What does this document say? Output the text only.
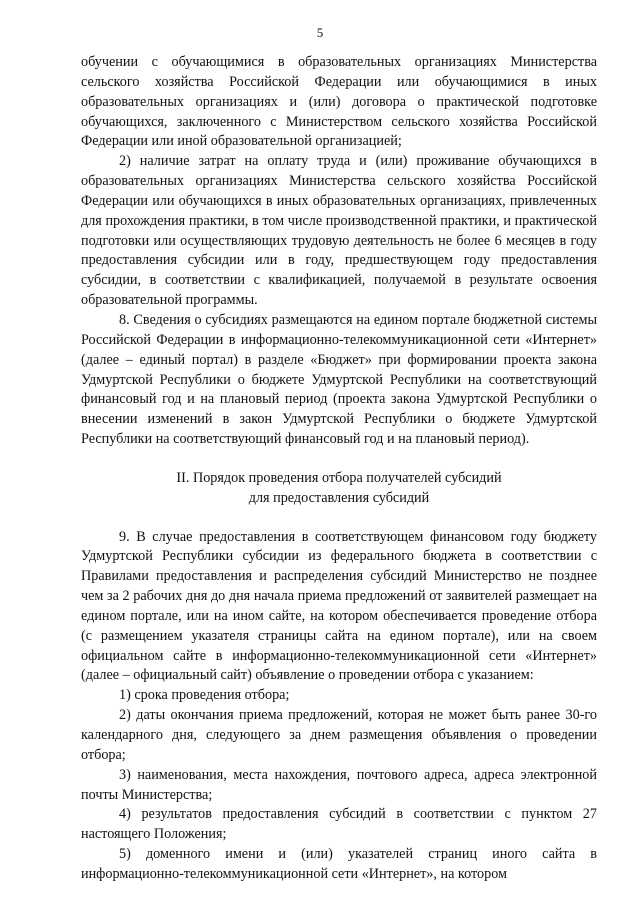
5

обучении с обучающимися в образовательных организациях Министерства сельского хозяйства Российской Федерации или обучающимися в иных образовательных организациях и (или) договора о практической подготовке обучающихся, заключенного с Министерством сельского хозяйства Российской Федерации или иной образовательной организацией;

2) наличие затрат на оплату труда и (или) проживание обучающихся в образовательных организациях Министерства сельского хозяйства Российской Федерации или обучающихся в иных образовательных организациях, привлеченных для прохождения практики, в том числе производственной практики, и практической подготовки или осуществляющих трудовую деятельность не более 6 месяцев в году предоставления субсидии или в году, предшествующем году предоставления субсидии, в соответствии с квалификацией, получаемой в результате освоения образовательной программы.

8. Сведения о субсидиях размещаются на едином портале бюджетной системы Российской Федерации в информационно-телекоммуникационной сети «Интернет» (далее – единый портал) в разделе «Бюджет» при формировании проекта закона Удмуртской Республики о бюджете Удмуртской Республики на соответствующий финансовый год и на плановый период (проекта закона Удмуртской Республики о внесении изменений в закон Удмуртской Республики о бюджете Удмуртской Республики на соответствующий финансовый год и на плановый период).

II. Порядок проведения отбора получателей субсидий

для предоставления субсидий

9. В случае предоставления в соответствующем финансовом году бюджету Удмуртской Республики субсидии из федерального бюджета в соответствии с Правилами предоставления и распределения субсидий Министерство не позднее чем за 2 рабочих дня до дня начала приема предложений от заявителей размещает на едином портале, или на ином сайте, на котором обеспечивается проведение отбора (с размещением указателя страницы сайта на едином портале), или на своем официальном сайте в информационно-телекоммуникационной сети «Интернет» (далее – официальный сайт) объявление о проведении отбора с указанием:

1) срока проведения отбора;

2) даты окончания приема предложений, которая не может быть ранее 30-го календарного дня, следующего за днем размещения объявления о проведении отбора;

3) наименования, места нахождения, почтового адреса, адреса электронной почты Министерства;

4) результатов предоставления субсидий в соответствии с пунктом 27 настоящего Положения;

5) доменного имени и (или) указателей страниц иного сайта в информационно-телекоммуникационной сети «Интернет», на котором
